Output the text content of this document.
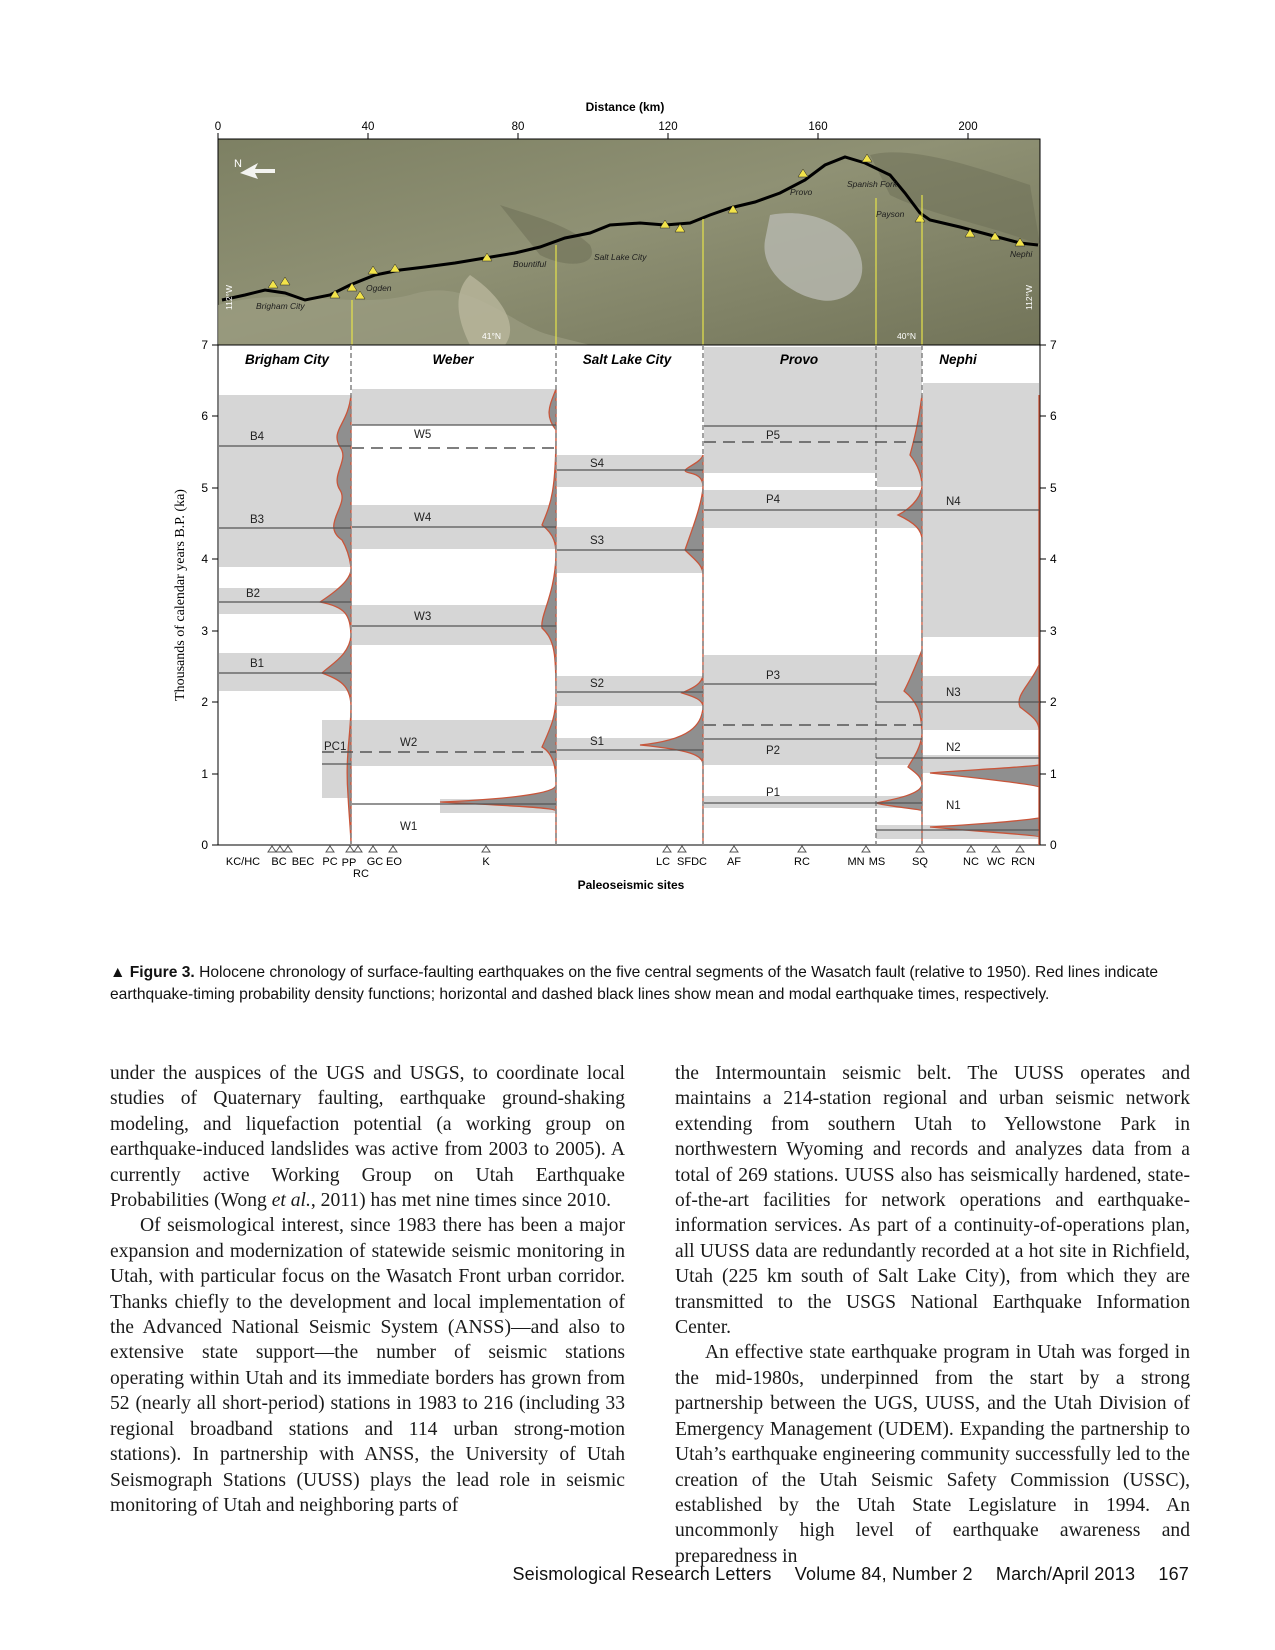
Distance (km)
0	40	80	120	160	200
N
Brigham City
Ogden
Bountiful
Salt Lake City
Provo
Spanish Fork
Payson
Nephi
41°N	40°N
112°W	112°W
Brigham City	Weber	Salt Lake City	Provo	Nephi
B4
B3
B2
B1
PC1
W5
W4
W3
W2
W1
S4
S3
S2
S1
P5
P4
P3
P2
P1
N4
N3
N2
N1
7
6
5
4
3
2
1
0
7
6
5
4
3
2
1
0
Thousands of calendar years B.P. (ka)
KC/HC BC BEC PC PP
RC
GC EO	K	LC SFDC AF	RC	MN MS SQ	NC WC RCN
Paleoseismic sites
▲ Figure 3. Holocene chronology of surface-faulting earthquakes on the five central segments of the Wasatch fault (relative to 1950). Red lines indicate earthquake-timing probability density functions; horizontal and dashed black lines show mean and modal earthquake times, respectively.

under the auspices of the UGS and USGS, to coordinate local studies of Quaternary faulting, earthquake ground-shaking modeling, and liquefaction potential (a working group on earthquake-induced landslides was active from 2003 to 2005). A currently active Working Group on Utah Earthquake Probabilities (Wong et al., 2011) has met nine times since 2010.

Of seismological interest, since 1983 there has been a major expansion and modernization of statewide seismic monitoring in Utah, with particular focus on the Wasatch Front urban corridor. Thanks chiefly to the development and local implementation of the Advanced National Seismic System (ANSS)—and also to extensive state support—the number of seismic stations operating within Utah and its immediate borders has grown from 52 (nearly all short-period) stations in 1983 to 216 (including 33 regional broadband stations and 114 urban strong-motion stations). In partnership with ANSS, the University of Utah Seismograph Stations (UUSS) plays the lead role in seismic monitoring of Utah and neighboring parts of

the Intermountain seismic belt. The UUSS operates and maintains a 214-station regional and urban seismic network extending from southern Utah to Yellowstone Park in northwestern Wyoming and records and analyzes data from a total of 269 stations. UUSS also has seismically hardened, state-of-the-art facilities for network operations and earthquake-information services. As part of a continuity-of-operations plan, all UUSS data are redundantly recorded at a hot site in Richfield, Utah (225 km south of Salt Lake City), from which they are transmitted to the USGS National Earthquake Information Center.

An effective state earthquake program in Utah was forged in the mid-1980s, underpinned from the start by a strong partnership between the UGS, UUSS, and the Utah Division of Emergency Management (UDEM). Expanding the partnership to Utah’s earthquake engineering community successfully led to the creation of the Utah Seismic Safety Commission (USSC), established by the Utah State Legislature in 1994. An uncommonly high level of earthquake awareness and preparedness in

Seismological Research Letters Volume 84, Number 2 March/April 2013 167
